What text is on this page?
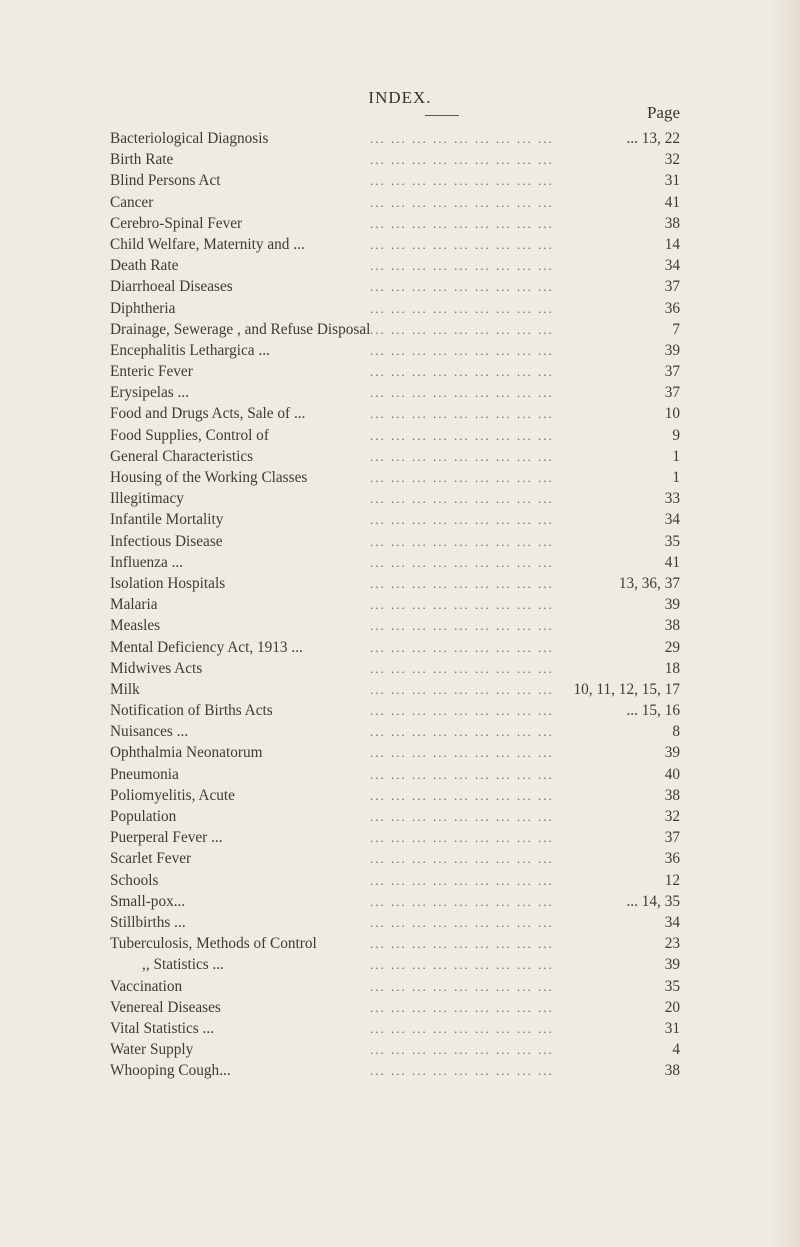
INDEX.
Page
Bacteriological Diagnosis	... ... ... ... ... ... ... ... ...	... 13, 22
Birth Rate	... ... ... ... ... ... ... ... ...	32
Blind Persons Act	... ... ... ... ... ... ... ... ...	31
Cancer	... ... ... ... ... ... ... ... ...	41
Cerebro-Spinal Fever	... ... ... ... ... ... ... ... ...	38
Child Welfare, Maternity and ...	... ... ... ... ... ... ... ... ...	14
Death Rate	... ... ... ... ... ... ... ... ...	34
Diarrhoeal Diseases	... ... ... ... ... ... ... ... ...	37
Diphtheria	... ... ... ... ... ... ... ... ...	36
Drainage, Sewerage , and Refuse Disposal ... ... ... ... ... ... ... ... ...	7
Encephalitis Lethargica ...	... ... ... ... ... ... ... ... ...	39
Enteric Fever	... ... ... ... ... ... ... ... ...	37
Erysipelas ...	... ... ... ... ... ... ... ... ...	37
Food and Drugs Acts, Sale of ...	... ... ... ... ... ... ... ... ...	10
Food Supplies, Control of	... ... ... ... ... ... ... ... ...	9
General Characteristics	... ... ... ... ... ... ... ... ...	1
Housing of the Working Classes	... ... ... ... ... ... ... ... ...	1
Illegitimacy	... ... ... ... ... ... ... ... ...	33
Infantile Mortality	... ... ... ... ... ... ... ... ...	34
Infectious Disease	... ... ... ... ... ... ... ... ...	35
Influenza ...	... ... ... ... ... ... ... ... ...	41
Isolation Hospitals	... ... ... ... ... ... ... ... ...	13, 36, 37
Malaria	... ... ... ... ... ... ... ... ...	39
Measles	... ... ... ... ... ... ... ... ...	38
Mental Deficiency Act, 1913 ...	... ... ... ... ... ... ... ... ...	29
Midwives Acts	... ... ... ... ... ... ... ... ...	18
Milk	... ... ... ... ... ... ... ... ...	10, 11, 12, 15, 17
Notification of Births Acts	... ... ... ... ... ... ... ... ...	... 15, 16
Nuisances ...	... ... ... ... ... ... ... ... ...	8
Ophthalmia Neonatorum	... ... ... ... ... ... ... ... ...	39
Pneumonia	... ... ... ... ... ... ... ... ...	40
Poliomyelitis, Acute	... ... ... ... ... ... ... ... ...	38
Population	... ... ... ... ... ... ... ... ...	32
Puerperal Fever ...	... ... ... ... ... ... ... ... ...	37
Scarlet Fever	... ... ... ... ... ... ... ... ...	36
Schools	... ... ... ... ... ... ... ... ...	12
Small-pox...	... ... ... ... ... ... ... ... ...	... 14, 35
Stillbirths ...	... ... ... ... ... ... ... ... ...	34
Tuberculosis, Methods of Control	... ... ... ... ... ... ... ... ...	23
,, Statistics ...	... ... ... ... ... ... ... ... ...	39
Vaccination	... ... ... ... ... ... ... ... ...	35
Venereal Diseases	... ... ... ... ... ... ... ... ...	20
Vital Statistics ...	... ... ... ... ... ... ... ... ...	31
Water Supply	... ... ... ... ... ... ... ... ...	4
Whooping Cough...	... ... ... ... ... ... ... ... ...	38
